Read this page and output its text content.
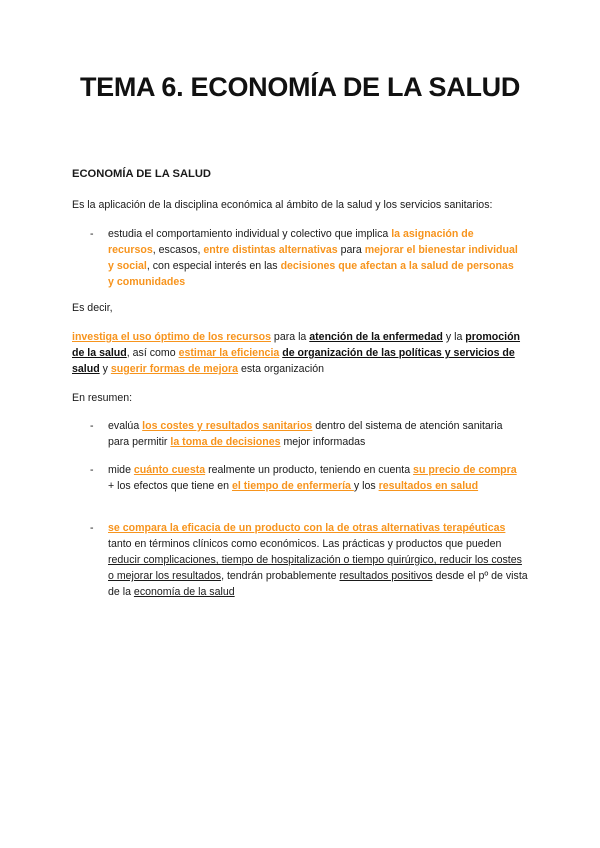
TEMA 6. ECONOMÍA DE LA SALUD
ECONOMÍA DE LA SALUD
Es la aplicación de la disciplina económica al ámbito de la salud y los servicios sanitarios:
- estudia el comportamiento individual y colectivo que implica la asignación de recursos, escasos, entre distintas alternativas para mejorar el bienestar individual y social, con especial interés en las decisiones que afectan a la salud de personas y comunidades
Es decir,
investiga el uso óptimo de los recursos para la atención de la enfermedad y la promoción de la salud, así como estimar la eficiencia de organización de las políticas y servicios de salud y sugerir formas de mejora esta organización
En resumen:
- evalúa los costes y resultados sanitarios dentro del sistema de atención sanitaria para permitir la toma de decisiones mejor informadas
- mide cuánto cuesta realmente un producto, teniendo en cuenta su precio de compra + los efectos que tiene en el tiempo de enfermería y los resultados en salud
- se compara la eficacia de un producto con la de otras alternativas terapéuticas tanto en términos clínicos como económicos. Las prácticas y productos que pueden reducir complicaciones, tiempo de hospitalización o tiempo quirúrgico, reducir los costes o mejorar los resultados, tendrán probablemente resultados positivos desde el pº de vista de la economía de la salud
